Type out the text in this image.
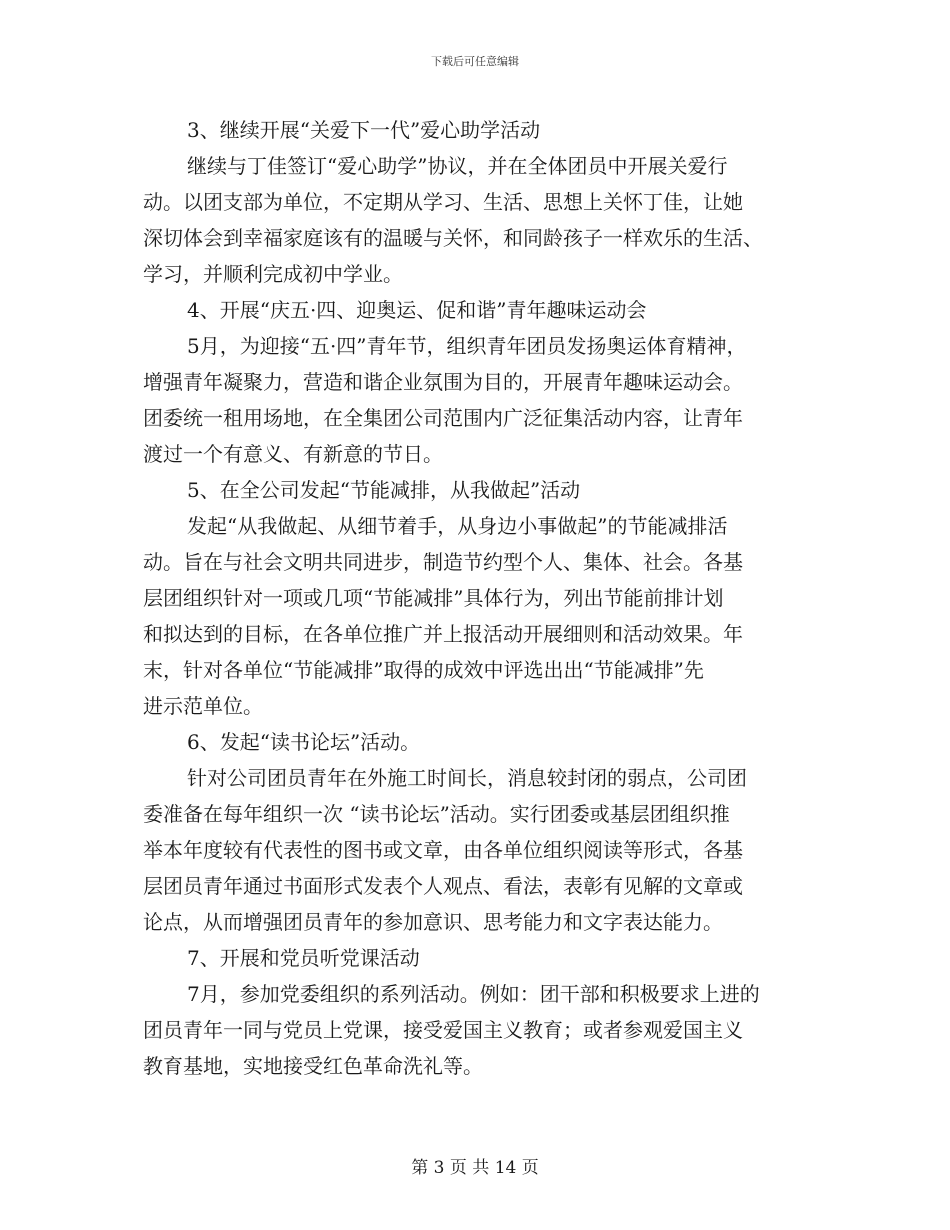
下载后可任意编辑
3、继续开展“关爱下一代”爱心助学活动
继续与丁佳签订“爱心助学”协议，并在全体团员中开展关爱行
动。以团支部为单位，不定期从学习、生活、思想上关怀丁佳，让她
深切体会到幸福家庭该有的温暖与关怀，和同龄孩子一样欢乐的生活、
学习，并顺利完成初中学业。
4、开展“庆五·四、迎奥运、促和谐”青年趣味运动会
5月，为迎接“五·四”青年节，组织青年团员发扬奥运体育精神，
增强青年凝聚力，营造和谐企业氛围为目的，开展青年趣味运动会。
团委统一租用场地，在全集团公司范围内广泛征集活动内容，让青年
渡过一个有意义、有新意的节日。
5、在全公司发起“节能减排，从我做起”活动
发起“从我做起、从细节着手，从身边小事做起”的节能减排活
动。旨在与社会文明共同进步，制造节约型个人、集体、社会。各基
层团组织针对一项或几项“节能减排”具体行为，列出节能前排计划
和拟达到的目标，在各单位推广并上报活动开展细则和活动效果。年
末，针对各单位“节能减排”取得的成效中评选出出“节能减排”先
进示范单位。
6、发起“读书论坛”活动。
针对公司团员青年在外施工时间长，消息较封闭的弱点，公司团
委准备在每年组织一次 “读书论坛”活动。实行团委或基层团组织推
举本年度较有代表性的图书或文章，由各单位组织阅读等形式，各基
层团员青年通过书面形式发表个人观点、看法，表彰有见解的文章或
论点，从而增强团员青年的参加意识、思考能力和文字表达能力。
7、开展和党员听党课活动
7月，参加党委组织的系列活动。例如：团干部和积极要求上进的
团员青年一同与党员上党课，接受爱国主义教育；或者参观爱国主义
教育基地，实地接受红色革命洗礼等。
第 3 页 共 14 页
